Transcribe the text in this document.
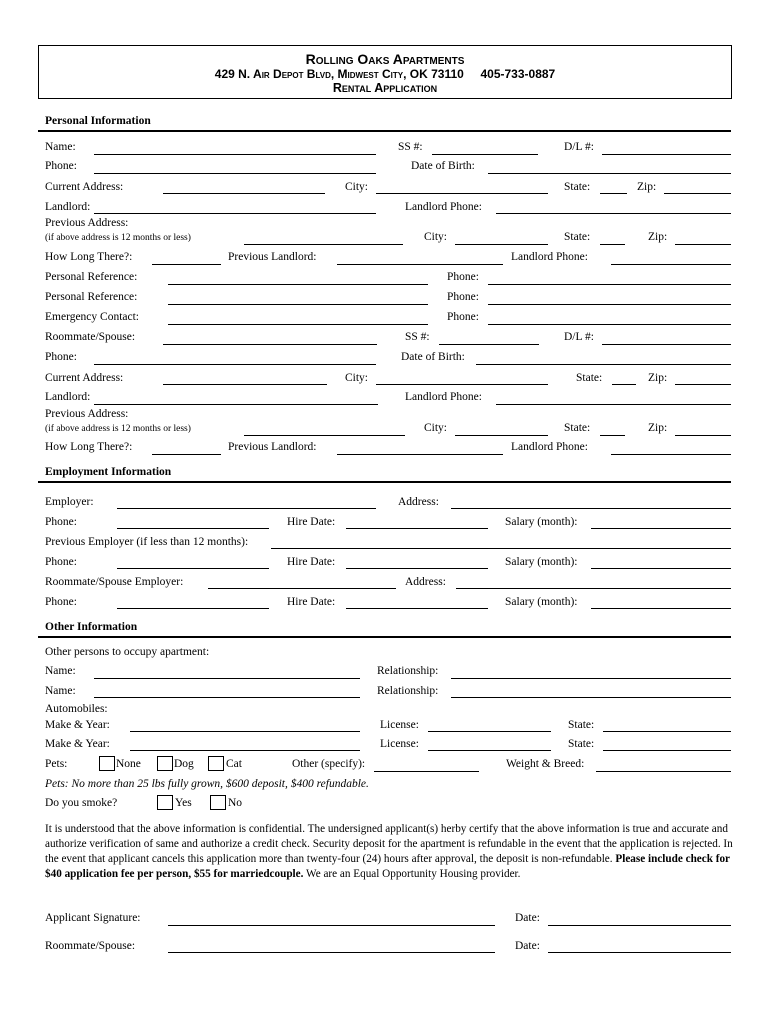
Rolling Oaks Apartments
429 N. Air Depot Blvd, Midwest City, OK 73110 405-733-0887
Rental Application
Personal Information
Name:	SS #:	D/L #:
Phone:	Date of Birth:
Current Address:	City:	State:	Zip:
Landlord:	Landlord Phone:
Previous Address:
(if above address is 12 months or less)	City:	State:	Zip:
How Long There?:	Previous Landlord:	Landlord Phone:
Personal Reference:	Phone:
Personal Reference:	Phone:
Emergency Contact:	Phone:
Roommate/Spouse:	SS #:	D/L #:
Phone:	Date of Birth:
Current Address:	City:	State:	Zip:
Landlord:	Landlord Phone:
Previous Address:
(if above address is 12 months or less)	City:	State:	Zip:
How Long There?:	Previous Landlord:	Landlord Phone:
Employment Information
Employer:	Address:
Phone:	Hire Date:	Salary (month):
Previous Employer (if less than 12 months):
Phone:	Hire Date:	Salary (month):
Roommate/Spouse Employer:	Address:
Phone:	Hire Date:	Salary (month):
Other Information
Other persons to occupy apartment:
Name:	Relationship:
Name:	Relationship:
Automobiles:
Make & Year:	License:	State:
Make & Year:	License:	State:
Pets:	None	Dog	Cat	Other (specify):	Weight & Breed:
Pets: No more than 25 lbs fully grown, $600 deposit, $400 refundable.
Do you smoke?	Yes	No
It is understood that the above information is confidential. The undersigned applicant(s) herby certify that the above information is true and accurate and authorize verification of same and authorize a credit check. Security deposit for the apartment is refundable in the event that the application is rejected. In the event that applicant cancels this application more than twenty-four (24) hours after approval, the deposit is non-refundable. Please include check for $40 application fee per person, $55 for marriedcouple. We are an Equal Opportunity Housing provider.
Applicant Signature:	Date:
Roommate/Spouse:	Date:
